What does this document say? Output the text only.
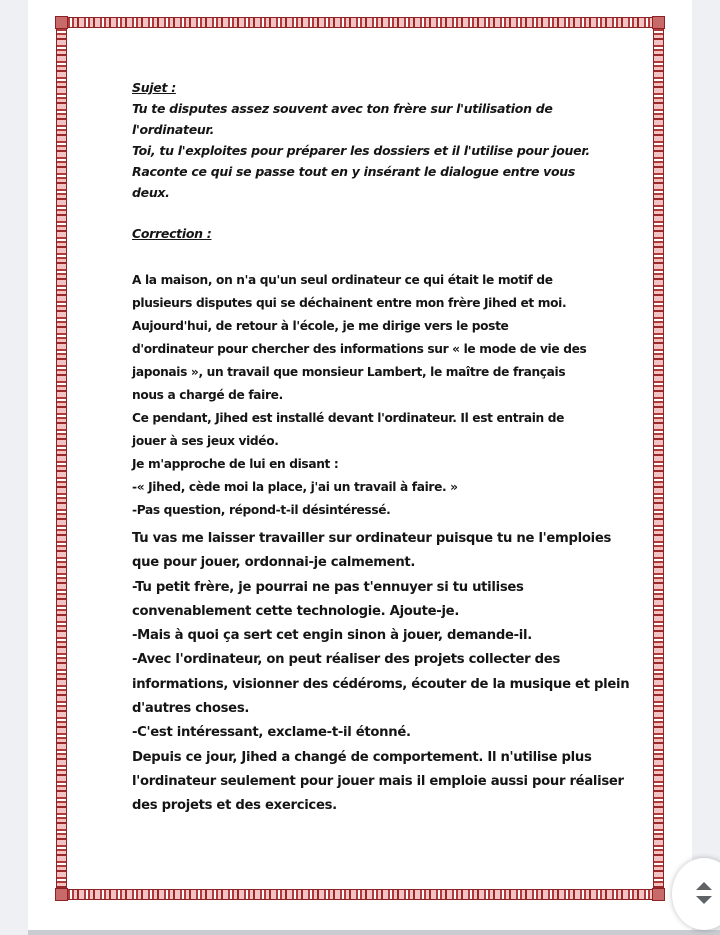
Sujet :
Tu te disputes assez souvent avec ton frère sur l'utilisation de
l'ordinateur.
Toi, tu l'exploites pour préparer les dossiers et il l'utilise pour jouer.
Raconte ce qui se passe tout en y insérant le dialogue entre vous
deux.
Correction :
A la maison, on n'a qu'un seul ordinateur ce qui était le motif de
plusieurs disputes qui se déchainent entre mon frère Jihed et moi.
Aujourd'hui, de retour à l'école, je me dirige vers le poste
d'ordinateur pour chercher des informations sur « le mode de vie des
japonais », un travail que monsieur Lambert, le maître de français
nous a chargé de faire.
Ce pendant, Jihed est installé devant l'ordinateur. Il est entrain de
jouer à ses jeux vidéo.
Je m'approche de lui en disant :
-« Jihed, cède moi la place, j'ai un travail à faire. »
-Pas question, répond-t-il désintéressé.
Tu vas me laisser travailler sur ordinateur puisque tu ne l'emploies
que pour jouer, ordonnai-je calmement.
-Tu petit frère, je pourrai ne pas t'ennuyer si tu utilises
convenablement cette technologie. Ajoute-je.
-Mais à quoi ça sert cet engin sinon à jouer, demande-il.
-Avec l'ordinateur, on peut réaliser des projets collecter des
informations, visionner des cédéroms, écouter de la musique et plein
d'autres choses.
-C'est intéressant, exclame-t-il étonné.
Depuis ce jour, Jihed a changé de comportement. Il n'utilise plus
l'ordinateur seulement pour jouer mais il emploie aussi pour réaliser
des projets et des exercices.
